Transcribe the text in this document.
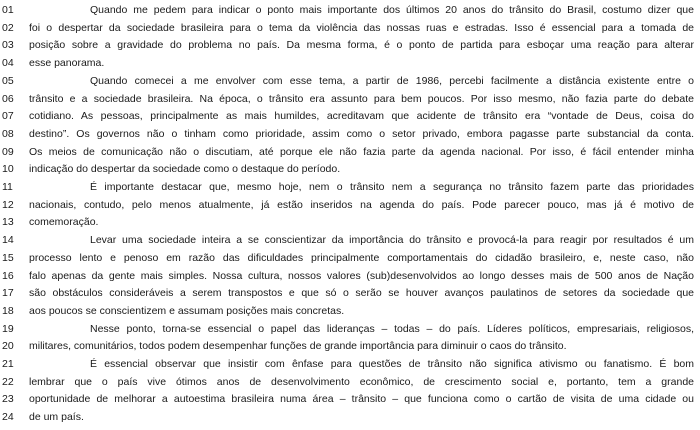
01	Quando me pedem para indicar o ponto mais importante dos últimos 20 anos do trânsito do Brasil, costumo dizer que
02	foi o despertar da sociedade brasileira para o tema da violência das nossas ruas e estradas. Isso é essencial para a tomada de
03	posição sobre a gravidade do problema no país. Da mesma forma, é o ponto de partida para esboçar uma reação para alterar
04	esse panorama.
05	Quando comecei a me envolver com esse tema, a partir de 1986, percebi facilmente a distância existente entre o
06	trânsito e a sociedade brasileira. Na época, o trânsito era assunto para bem poucos. Por isso mesmo, não fazia parte do debate
07	cotidiano. As pessoas, principalmente as mais humildes, acreditavam que acidente de trânsito era “vontade de Deus, coisa do
08	destino”. Os governos não o tinham como prioridade, assim como o setor privado, embora pagasse parte substancial da conta.
09	Os meios de comunicação não o discutiam, até porque ele não fazia parte da agenda nacional. Por isso, é fácil entender minha
10	indicação do despertar da sociedade como o destaque do período.
11	É importante destacar que, mesmo hoje, nem o trânsito nem a segurança no trânsito fazem parte das prioridades
12	nacionais, contudo, pelo menos atualmente, já estão inseridos na agenda do país. Pode parecer pouco, mas já é motivo de
13	comemoração.
14	Levar uma sociedade inteira a se conscientizar da importância do trânsito e provocá-la para reagir por resultados é um
15	processo lento e penoso em razão das dificuldades principalmente comportamentais do cidadão brasileiro, e, neste caso, não
16	falo apenas da gente mais simples. Nossa cultura, nossos valores (sub)desenvolvidos ao longo desses mais de 500 anos de Nação
17	são obstáculos consideráveis a serem transpostos e que só o serão se houver avanços paulatinos de setores da sociedade que
18	aos poucos se conscientizem e assumam posições mais concretas.
19	Nesse ponto, torna-se essencial o papel das lideranças – todas – do país. Líderes políticos, empresariais, religiosos,
20	militares, comunitários, todos podem desempenhar funções de grande importância para diminuir o caos do trânsito.
21	É essencial observar que insistir com ênfase para questões de trânsito não significa ativismo ou fanatismo. É bom
22	lembrar que o país vive ótimos anos de desenvolvimento econômico, de crescimento social e, portanto, tem a grande
23	oportunidade de melhorar a autoestima brasileira numa área – trânsito – que funciona como o cartão de visita de uma cidade ou
24	de um país.
